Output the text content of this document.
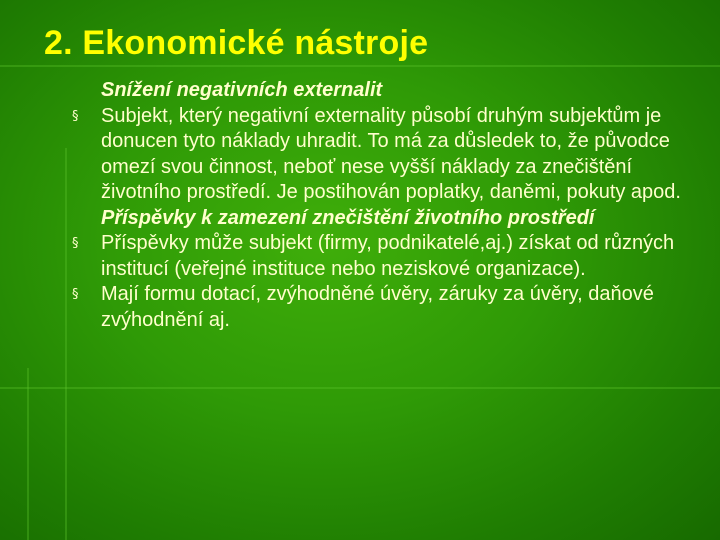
2. Ekonomické nástroje
Snížení negativních externalit
§ Subjekt, který negativní externality působí druhým subjektům je donucen tyto náklady uhradit. To má za důsledek to, že původce omezí svou činnost, neboť nese vyšší náklady za znečištění životního prostředí. Je postihován poplatky, daněmi, pokuty apod.
Příspěvky k zamezení znečištění životního prostředí
§ Příspěvky může subjekt (firmy, podnikatelé,aj.) získat od různých institucí (veřejné instituce nebo neziskové organizace).
§ Mají formu dotací, zvýhodněné úvěry, záruky za úvěry, daňové zvýhodnění aj.
